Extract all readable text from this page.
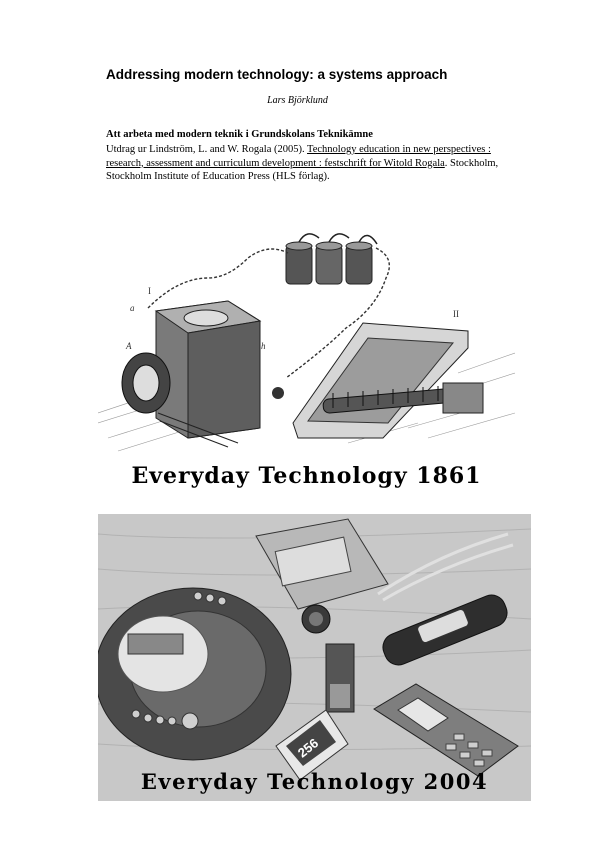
Addressing modern technology: a systems approach
Lars Björklund
Att arbeta med modern teknik i Grundskolans Teknikämne
Utdrag ur Lindström, L. and W. Rogala (2005). Technology education in new perspectives : research, assessment and curriculum development : festschrift for Witold Rogala. Stockholm, Stockholm Institute of Education Press (HLS förlag).
I
II
a
A	h
Everyday Technology 1861
256
Everyday Technology 2004
